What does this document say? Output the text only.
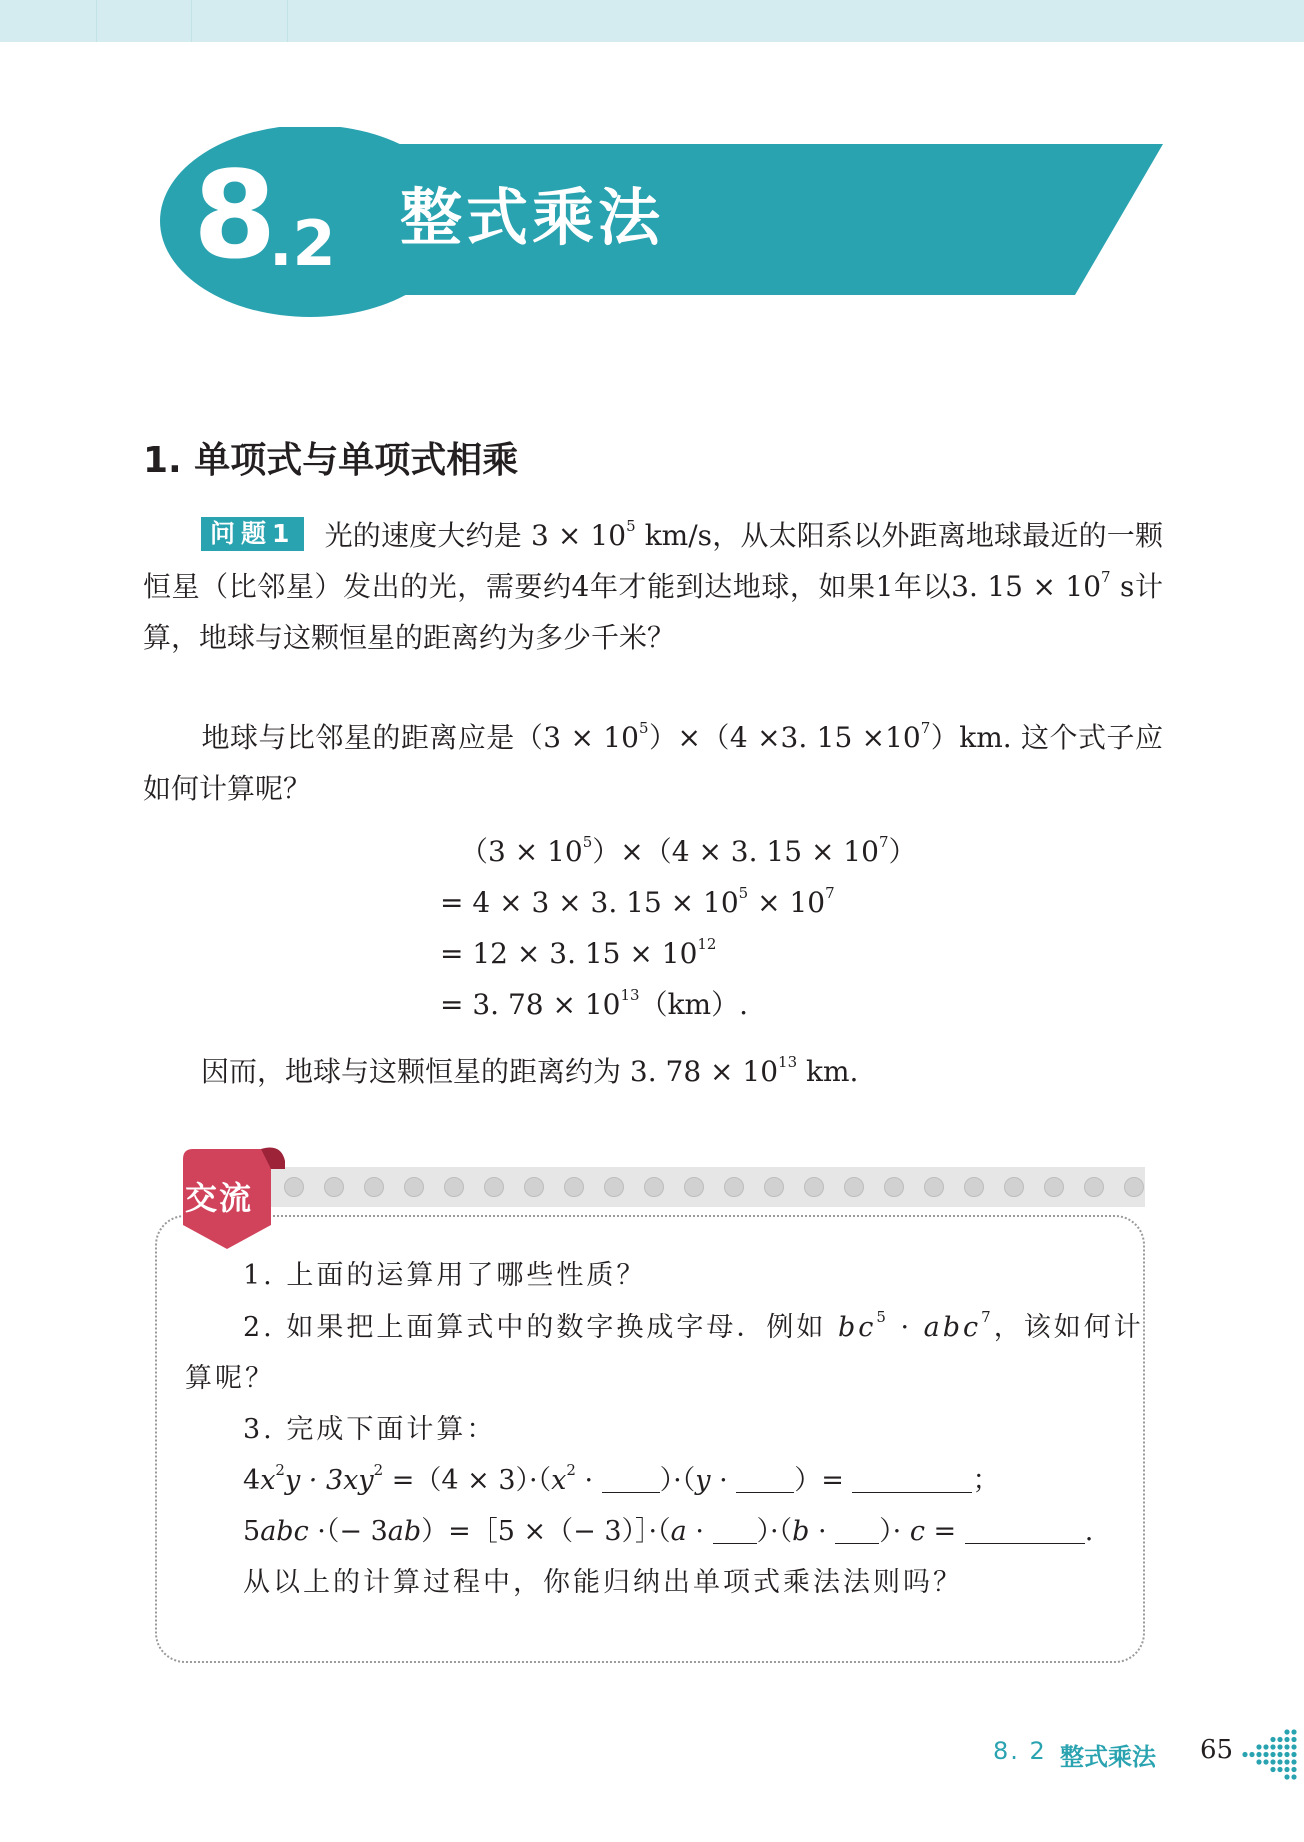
8
.2 整式乘法
1. 单项式与单项式相乘
问题1 光的速度大约是 $3 \times 10^5$ km/s，从太阳系以外距离地球最近的一颗恒星（比邻星）发出的光，需要约4年才能到达地球，如果1年以3. $15 \times 10^7$ s计算，地球与这颗恒星的距离约为多少千米？
地球与比邻星的距离应是$(3 \times 10^5)\times(4 \times 3$. $15 \times 10^7)km$. 这个式子应如何计算呢？
$(3 \times 10^5)\times(4 \times 3$. $15 \times 10^7$）
= 4 × 3 × 3. $15 \times 10^5 \times 10^7$
= 12 × 3. $15 \times 10^{12}$
= 3. $78 \times 10^{13}(km)$.
因而，地球与这颗恒星的距离约为 3. $78 \times 10^{13}$ km.
交流
1. 上面的运算用了哪些性质？
2. 如果把上面算式中的数字换成字母．例如 $bc^5 \cdot abc^7$，该如何计
算呢？
3. 完成下面计算：
$4x^2y \cdot 3xy^2 =(4 \times 3)\cdot(x^2 \cdot )\cdot(y$ · ）=	；
5abc ·（− 3ab）=［5 ×（− 3）］·（a · ）·（b · ）· c =	.
从以上的计算过程中，你能归纳出单项式乘法法则吗？
8. 2 整式乘法 65
